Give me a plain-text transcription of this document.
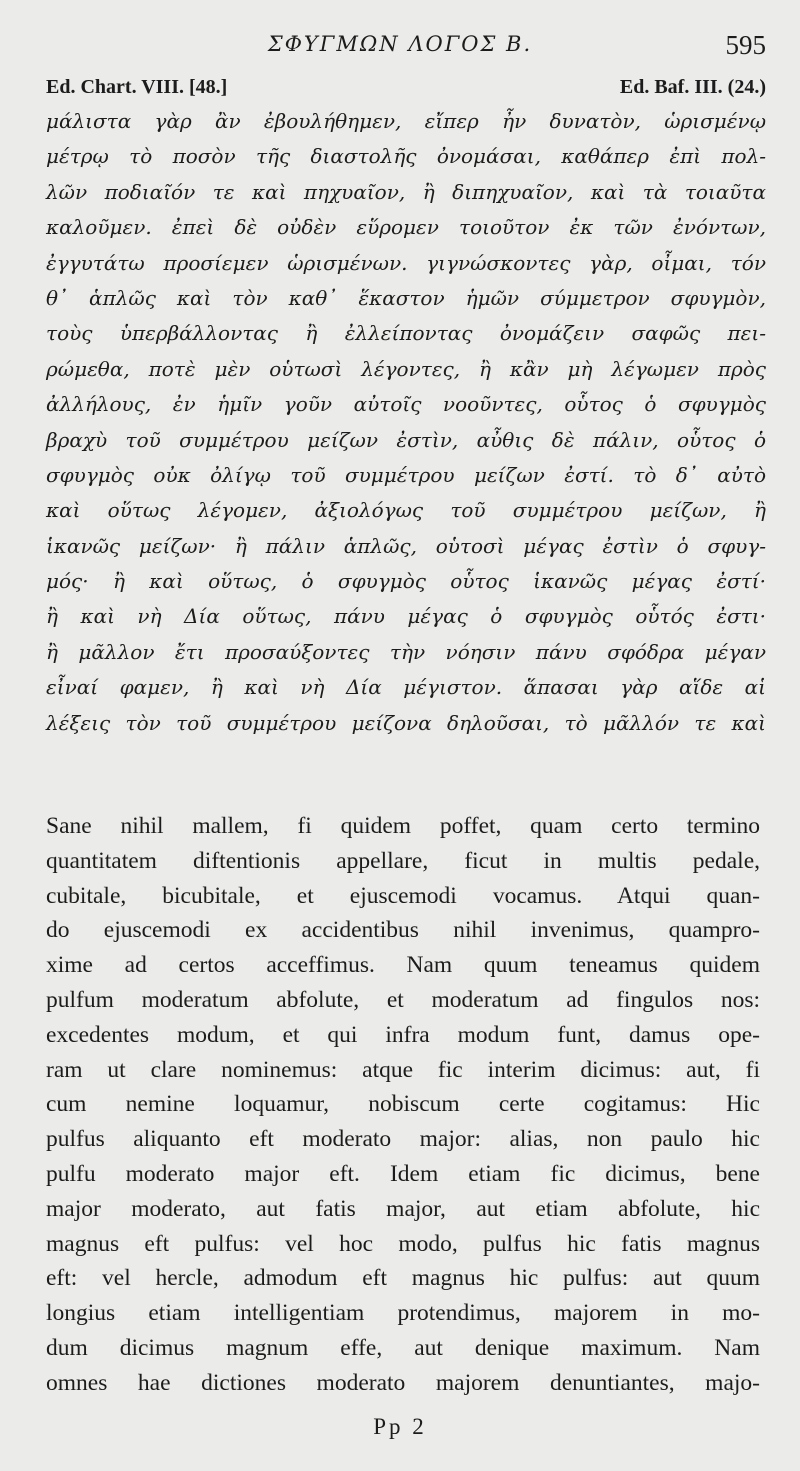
ΣΦΥΓΜΩΝ ΛΟΓΟΣ Β.	595
Ed. Chart. VIII. [48.]	Ed. Baf. III. (24.)
μάλιστα γὰρ ἂν ἐβουλήθημεν, εἴπερ ἦν δυνατὸν, ὡρισμένῳ
μέτρῳ τὸ ποσὸν τῆς διαστολῆς ὀνομάσαι, καθάπερ ἐπὶ πολ-
λῶν ποδιαῖόν τε καὶ πηχυαῖον, ἢ διπηχυαῖον, καὶ τὰ τοιαῦτα
καλοῦμεν. ἐπεὶ δὲ οὐδὲν εὕρομεν τοιοῦτον ἐκ τῶν ἐνόντων,
ἐγγυτάτω προσίεμεν ὡρισμένων. γιγνώσκοντες γὰρ, οἶμαι, τόν
θ᾽ ἁπλῶς καὶ τὸν καθ᾽ ἕκαστον ἡμῶν σύμμετρον σφυγμὸν,
τοὺς ὑπερβάλλοντας ἢ ἐλλείποντας ὀνομάζειν σαφῶς πει-
ρώμεθα, ποτὲ μὲν οὑτωσὶ λέγοντες, ἢ κἂν μὴ λέγωμεν πρὸς
ἀλλήλους, ἐν ἡμῖν γοῦν αὐτοῖς νοοῦντες, οὗτος ὁ σφυγμὸς
βραχὺ τοῦ συμμέτρου μείζων ἐστὶν, αὖθις δὲ πάλιν, οὗτος ὁ
σφυγμὸς οὐκ ὀλίγῳ τοῦ συμμέτρου μείζων ἐστί. τὸ δ᾽ αὐτὸ
καὶ οὕτως λέγομεν, ἀξιολόγως τοῦ συμμέτρου μείζων, ἢ
ἱκανῶς μείζων· ἢ πάλιν ἁπλῶς, οὑτοσὶ μέγας ἐστὶν ὁ σφυγ-
μός· ἢ καὶ οὕτως, ὁ σφυγμὸς οὗτος ἱκανῶς μέγας ἐστί·
ἢ καὶ νὴ Δία οὕτως, πάνυ μέγας ὁ σφυγμὸς οὗτός ἐστι·
ἢ μᾶλλον ἔτι προσαύξοντες τὴν νόησιν πάνυ σφόδρα μέγαν
εἶναί φαμεν, ἢ καὶ νὴ Δία μέγιστον. ἅπασαι γὰρ αἵδε αἱ
λέξεις τὸν τοῦ συμμέτρου μείζονα δηλοῦσαι, τὸ μᾶλλόν τε καὶ
Sane nihil mallem, fi quidem poffet, quam certo termino
quantitatem diftentionis appellare, ficut in multis pedale,
cubitale, bicubitale, et ejuscemodi vocamus. Atqui quan-
do ejuscemodi ex accidentibus nihil invenimus, quampro-
xime ad certos acceffimus. Nam quum teneamus quidem
pulfum moderatum abfolute, et moderatum ad fingulos nos:
excedentes modum, et qui infra modum funt, damus ope-
ram ut clare nominemus: atque fic interim dicimus: aut, fi
cum nemine loquamur, nobiscum certe cogitamus: Hic
pulfus aliquanto eft moderato major: alias, non paulo hic
pulfu moderato major eft. Idem etiam fic dicimus, bene
major moderato, aut fatis major, aut etiam abfolute, hic
magnus eft pulfus: vel hoc modo, pulfus hic fatis magnus
eft: vel hercle, admodum eft magnus hic pulfus: aut quum
longius etiam intelligentiam protendimus, majorem in mo-
dum dicimus magnum effe, aut denique maximum. Nam
omnes hae dictiones moderato majorem denuntiantes, majo-
Pp 2
